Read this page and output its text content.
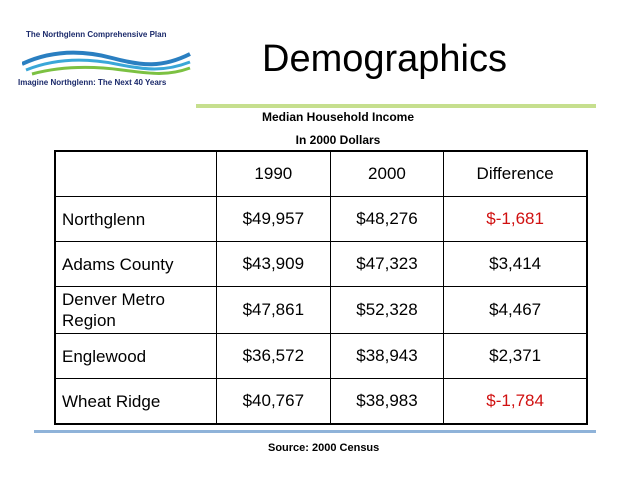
The Northglenn Comprehensive Plan
Imagine Northglenn: The Next 40 Years
Demographics
Median Household Income
In 2000 Dollars
	1990	2000	Difference
Northglenn	$49,957	$48,276	$-1,681
Adams County	$43,909	$47,323	$3,414
Denver Metro Region	$47,861	$52,328	$4,467
Englewood	$36,572	$38,943	$2,371
Wheat Ridge	$40,767	$38,983	$-1,784
Source: 2000 Census
